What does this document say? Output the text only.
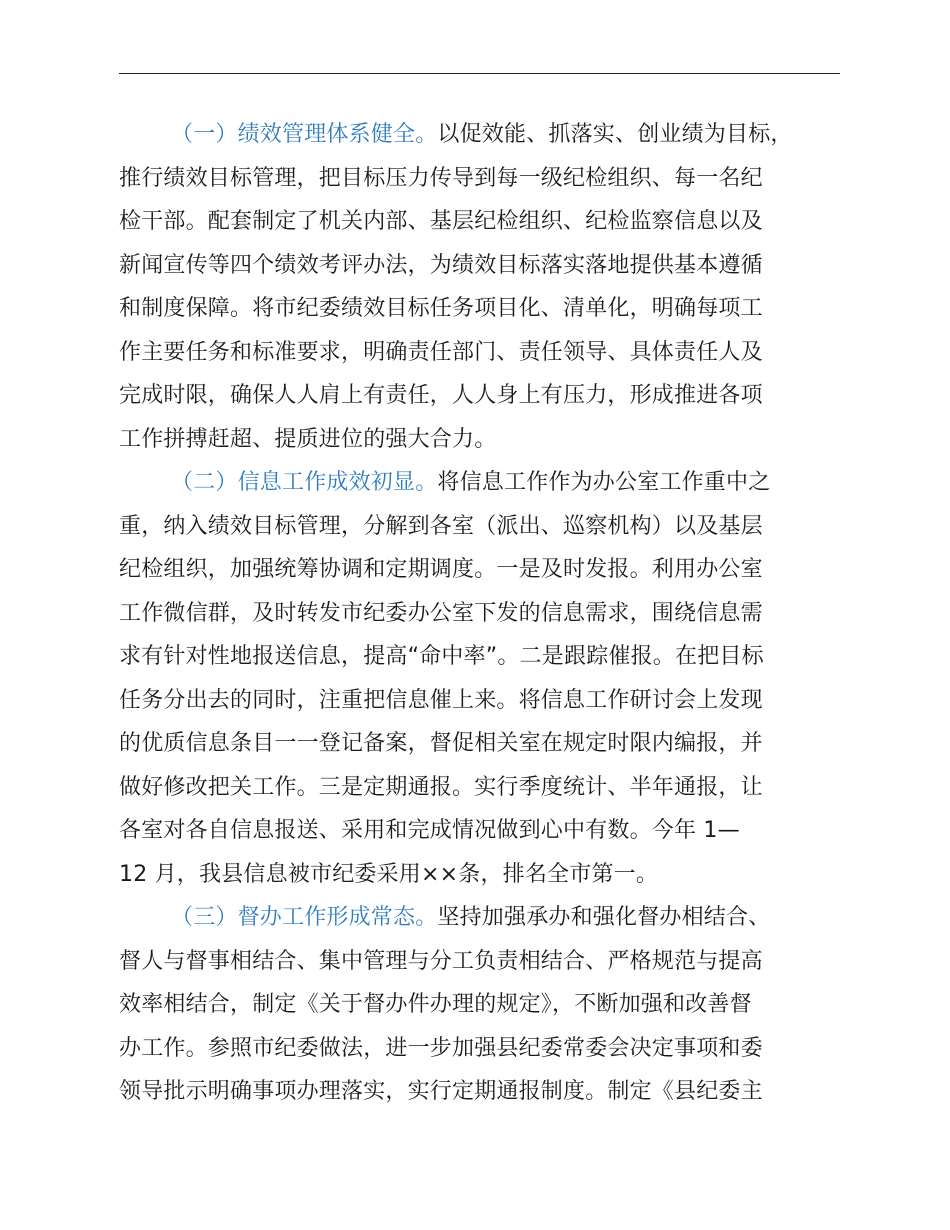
（一）绩效管理体系健全。以促效能、抓落实、创业绩为目标，
推行绩效目标管理，把目标压力传导到每一级纪检组织、每一名纪
检干部。配套制定了机关内部、基层纪检组织、纪检监察信息以及
新闻宣传等四个绩效考评办法，为绩效目标落实落地提供基本遵循
和制度保障。将市纪委绩效目标任务项目化、清单化，明确每项工
作主要任务和标准要求，明确责任部门、责任领导、具体责任人及
完成时限，确保人人肩上有责任，人人身上有压力，形成推进各项
工作拼搏赶超、提质进位的强大合力。
（二）信息工作成效初显。将信息工作作为办公室工作重中之
重，纳入绩效目标管理，分解到各室（派出、巡察机构）以及基层
纪检组织，加强统筹协调和定期调度。一是及时发报。利用办公室
工作微信群，及时转发市纪委办公室下发的信息需求，围绕信息需
求有针对性地报送信息，提高“命中率”。二是跟踪催报。在把目标
任务分出去的同时，注重把信息催上来。将信息工作研讨会上发现
的优质信息条目一一登记备案，督促相关室在规定时限内编报，并
做好修改把关工作。三是定期通报。实行季度统计、半年通报，让
各室对各自信息报送、采用和完成情况做到心中有数。今年 1—
12 月，我县信息被市纪委采用××条，排名全市第一。
（三）督办工作形成常态。坚持加强承办和强化督办相结合、
督人与督事相结合、集中管理与分工负责相结合、严格规范与提高
效率相结合，制定《关于督办件办理的规定》，不断加强和改善督
办工作。参照市纪委做法，进一步加强县纪委常委会决定事项和委
领导批示明确事项办理落实，实行定期通报制度。制定《县纪委主
